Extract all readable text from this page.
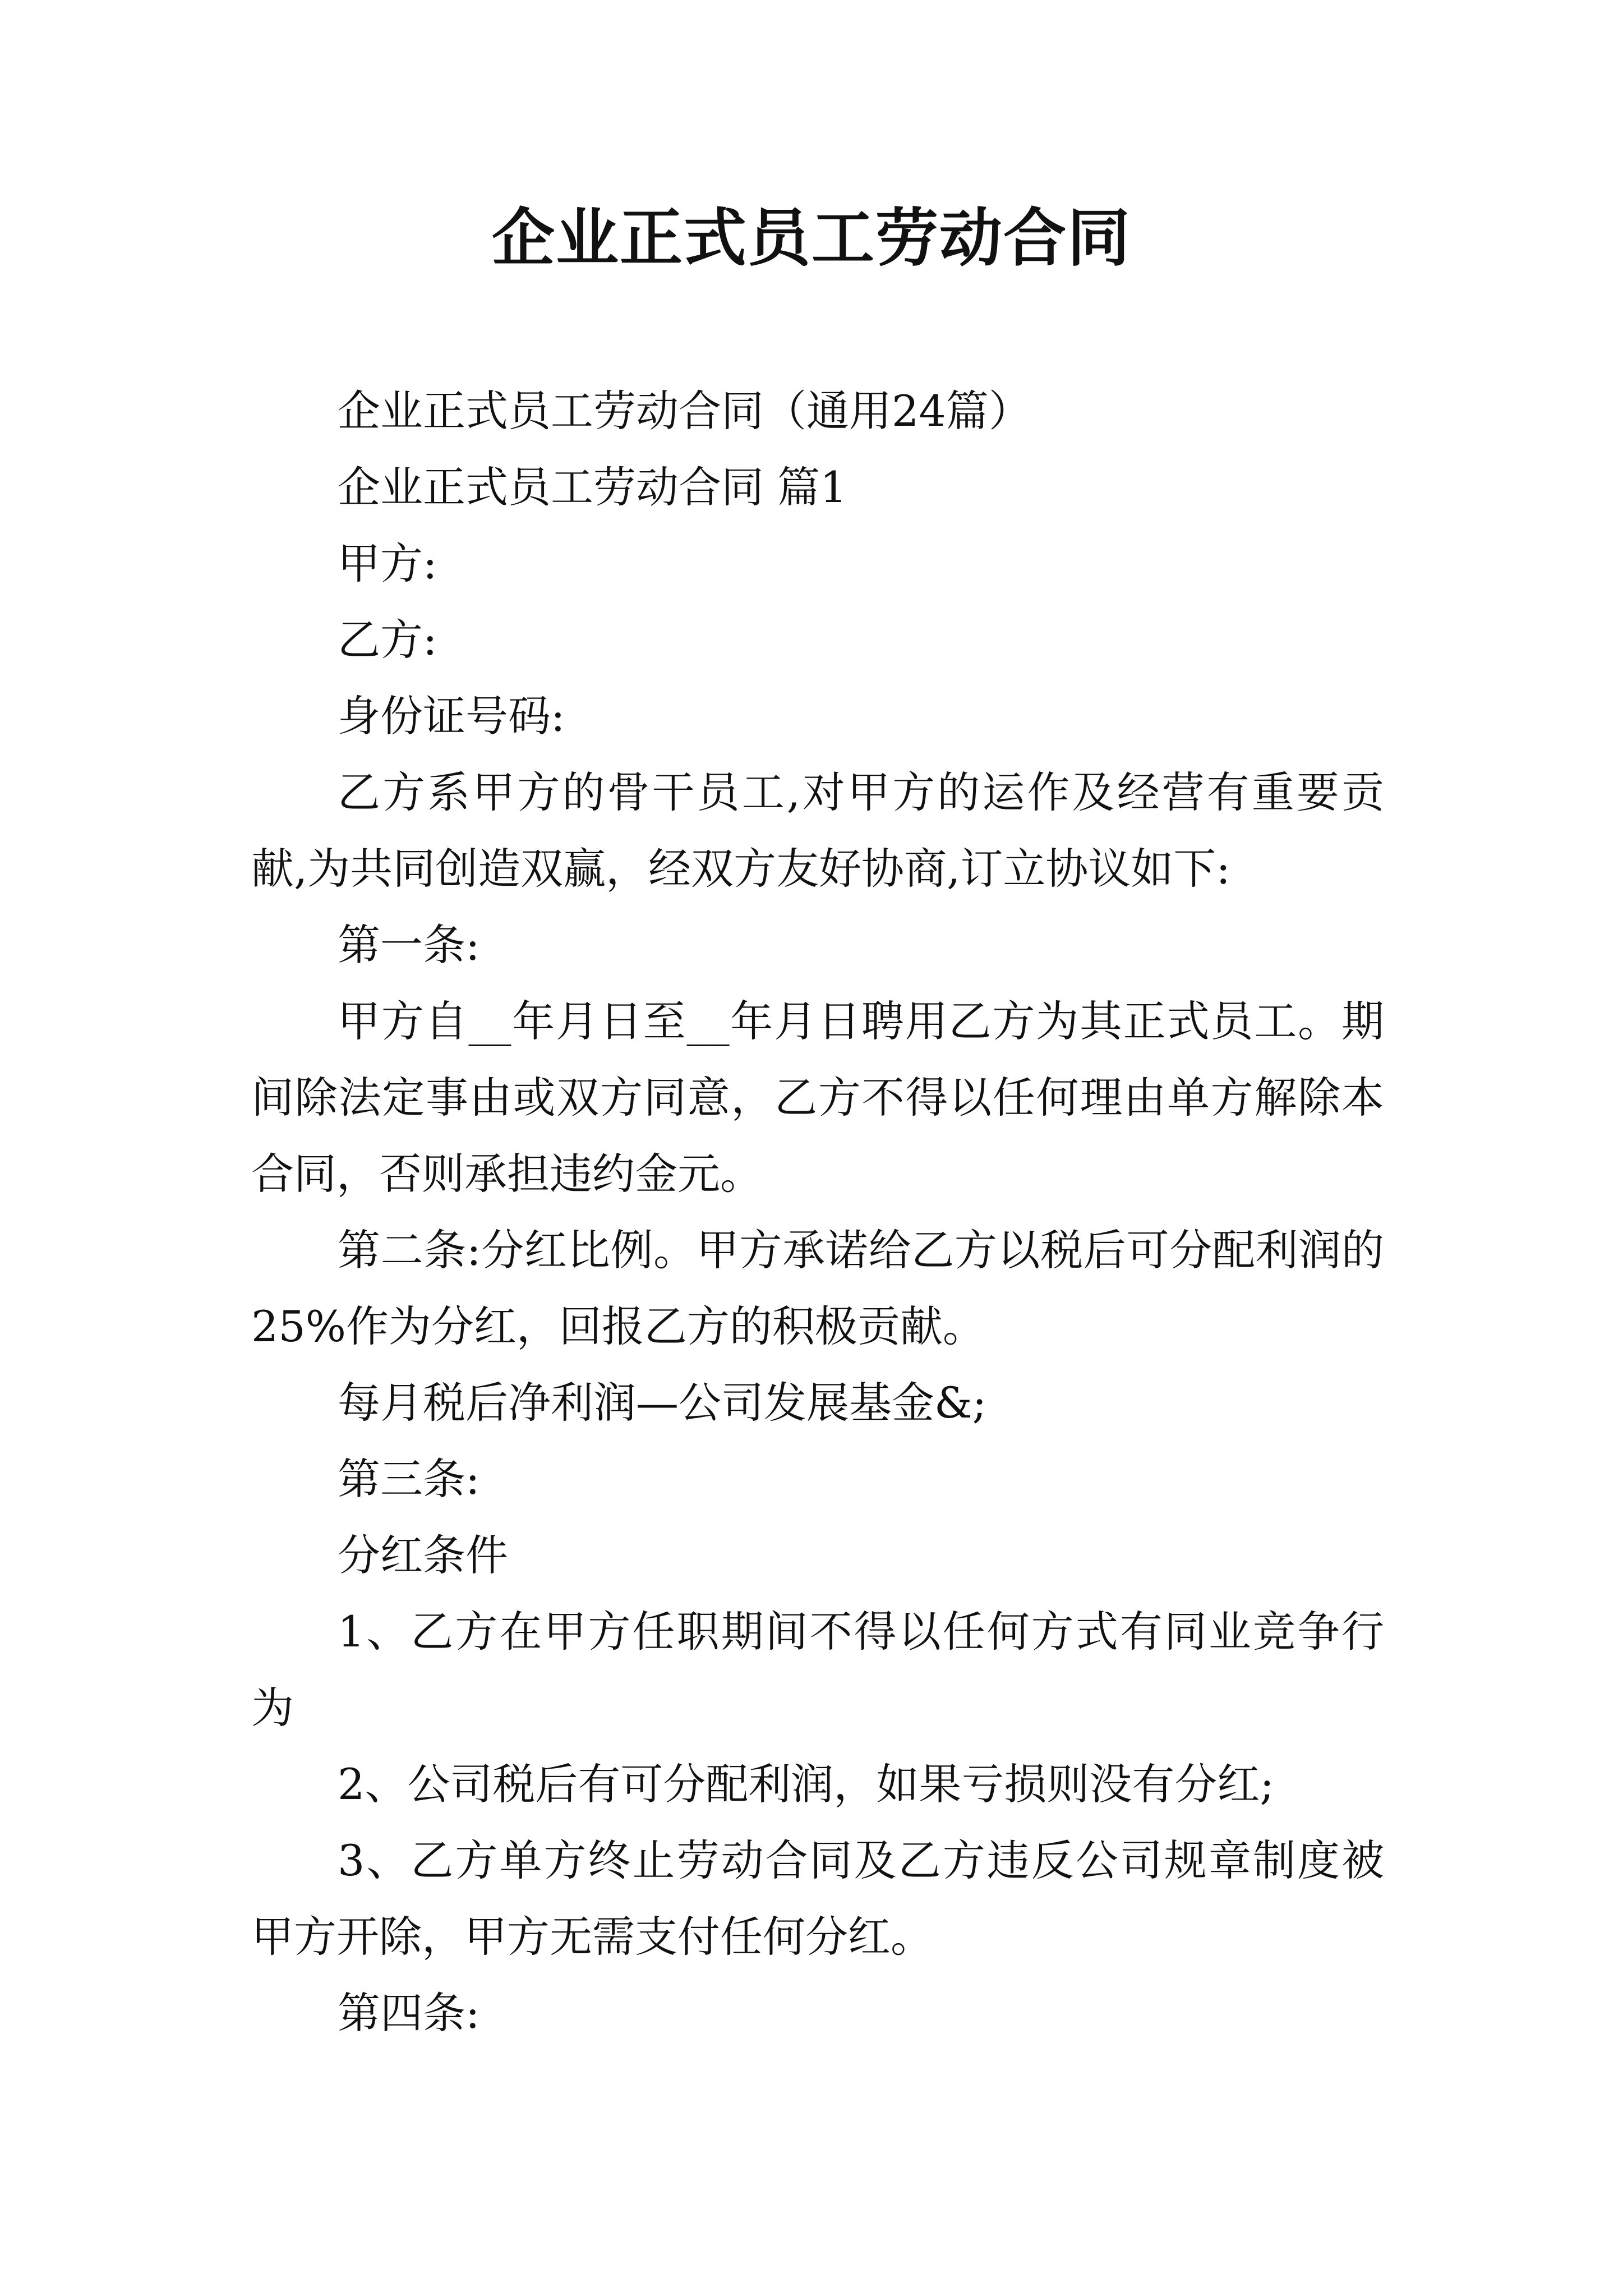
企业正式员工劳动合同

企业正式员工劳动合同（通用24篇）

企业正式员工劳动合同 篇1

甲方:

乙方:

身份证号码:

乙方系甲方的骨干员工,对甲方的运作及经营有重要贡献,为共同创造双赢，经双方友好协商,订立协议如下:

第一条:

甲方自__年月日至__年月日聘用乙方为其正式员工。期间除法定事由或双方同意，乙方不得以任何理由单方解除本合同，否则承担违约金元。

第二条:分红比例。甲方承诺给乙方以税后可分配利润的25%作为分红，回报乙方的积极贡献。

每月税后净利润—公司发展基金&;

第三条:

分红条件

1、乙方在甲方任职期间不得以任何方式有同业竞争行为

2、公司税后有可分配利润，如果亏损则没有分红;

3、乙方单方终止劳动合同及乙方违反公司规章制度被甲方开除，甲方无需支付任何分红。

第四条:
